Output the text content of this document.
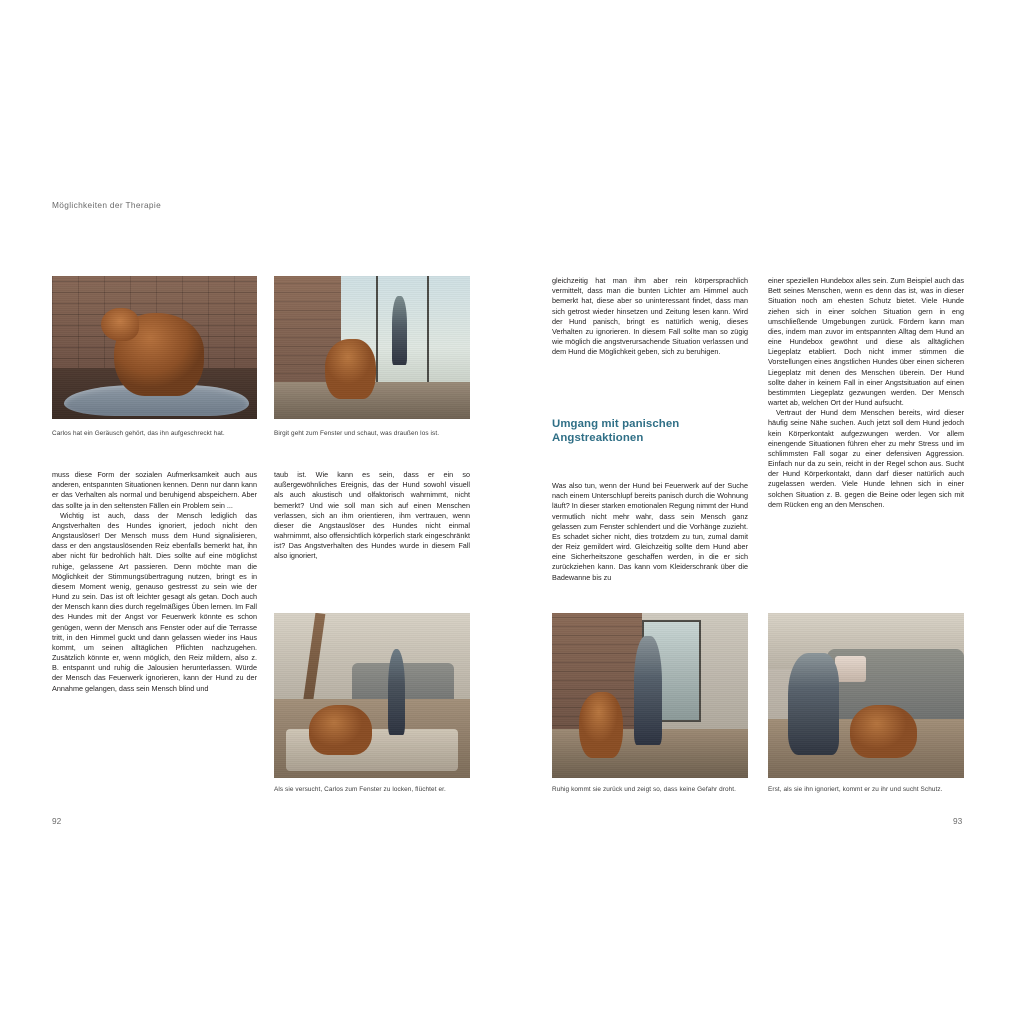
Möglichkeiten der Therapie
Carlos hat ein Geräusch gehört, das ihn aufgeschreckt hat.	Birgit geht zum Fenster und schaut, was draußen los ist.

muss diese Form der sozialen Aufmerksamkeit auch aus anderen, entspannten Situationen kennen. Denn nur dann kann er das Verhalten als normal und beruhigend abspeichern. Aber das sollte ja in den seltensten Fällen ein Problem sein ...

Wichtig ist auch, dass der Mensch lediglich das Angstverhalten des Hundes ignoriert, jedoch nicht den Angstauslöser! Der Mensch muss dem Hund signalisieren, dass er den angstauslösenden Reiz ebenfalls bemerkt hat, ihn aber nicht für bedrohlich hält. Dies sollte auf eine möglichst ruhige, gelassene Art passieren. Denn möchte man die Möglichkeit der Stimmungsübertragung nutzen, bringt es in diesem Moment wenig, genauso gestresst zu sein wie der Hund zu sein. Das ist oft leichter gesagt als getan. Doch auch der Mensch kann dies durch regelmäßiges Üben lernen. Im Fall des Hundes mit der Angst vor Feuerwerk könnte es schon genügen, wenn der Mensch ans Fenster oder auf die Terrasse tritt, in den Himmel guckt und dann gelassen wieder ins Haus kommt, um seinen alltäglichen Pflichten nachzugehen. Zusätzlich könnte er, wenn möglich, den Reiz mildern, also z. B. entspannt und ruhig die Jalousien herunterlassen. Würde der Mensch das Feuerwerk ignorieren, kann der Hund zu der Annahme gelangen, dass sein Mensch blind und

taub ist. Wie kann es sein, dass er ein so außergewöhnliches Ereignis, das der Hund sowohl visuell als auch akustisch und olfaktorisch wahrnimmt, nicht bemerkt? Und wie soll man sich auf einen Menschen verlassen, sich an ihm orientieren, ihm vertrauen, wenn dieser die Angstauslöser des Hundes nicht einmal wahrnimmt, also offensichtlich körperlich stark eingeschränkt ist? Das Angstverhalten des Hundes wurde in diesem Fall also ignoriert,

Als sie versucht, Carlos zum Fenster zu locken, flüchtet er.
92

gleichzeitig hat man ihm aber rein körpersprachlich vermittelt, dass man die bunten Lichter am Himmel auch bemerkt hat, diese aber so uninteressant findet, dass man sich getrost wieder hinsetzen und Zeitung lesen kann. Wird der Hund panisch, bringt es natürlich wenig, dieses Verhalten zu ignorieren. In diesem Fall sollte man so zügig wie möglich die angstverursachende Situation verlassen und dem Hund die Möglichkeit geben, sich zu beruhigen.

Umgang mit panischen Angstreaktionen

Was also tun, wenn der Hund bei Feuerwerk auf der Suche nach einem Unterschlupf bereits panisch durch die Wohnung läuft? In dieser starken emotionalen Regung nimmt der Hund vermutlich nicht mehr wahr, dass sein Mensch ganz gelassen zum Fenster schlendert und die Vorhänge zuzieht. Es schadet sicher nicht, dies trotzdem zu tun, zumal damit der Reiz gemildert wird. Gleichzeitig sollte dem Hund aber eine Sicherheitszone geschaffen werden, in die er sich zurückziehen kann. Das kann vom Kleiderschrank über die Badewanne bis zu

einer speziellen Hundebox alles sein. Zum Beispiel auch das Bett seines Menschen, wenn es denn das ist, was in dieser Situation noch am ehesten Schutz bietet. Viele Hunde ziehen sich in einer solchen Situation gern in eng umschließende Umgebungen zurück. Fördern kann man dies, indem man zuvor im entspannten Alltag dem Hund an eine Hundebox gewöhnt und diese als alltäglichen Liegeplatz etabliert. Doch nicht immer stimmen die Vorstellungen eines ängstlichen Hundes über einen sicheren Liegeplatz mit denen des Menschen überein. Der Hund sollte daher in keinem Fall in einer Angstsituation auf einen bestimmten Liegeplatz gezwungen werden. Der Mensch wartet ab, welchen Ort der Hund aufsucht.

Vertraut der Hund dem Menschen bereits, wird dieser häufig seine Nähe suchen. Auch jetzt soll dem Hund jedoch kein Körperkontakt aufgezwungen werden. Vor allem einengende Situationen führen eher zu mehr Stress und im schlimmsten Fall sogar zu einer defensiven Aggression. Einfach nur da zu sein, reicht in der Regel schon aus. Sucht der Hund Körperkontakt, dann darf dieser natürlich auch zugelassen werden. Viele Hunde lehnen sich in einer solchen Situation z. B. gegen die Beine oder legen sich mit dem Rücken eng an den Menschen.

Ruhig kommt sie zurück und zeigt so, dass keine Gefahr droht.	Erst, als sie ihn ignoriert, kommt er zu ihr und sucht Schutz.
93
